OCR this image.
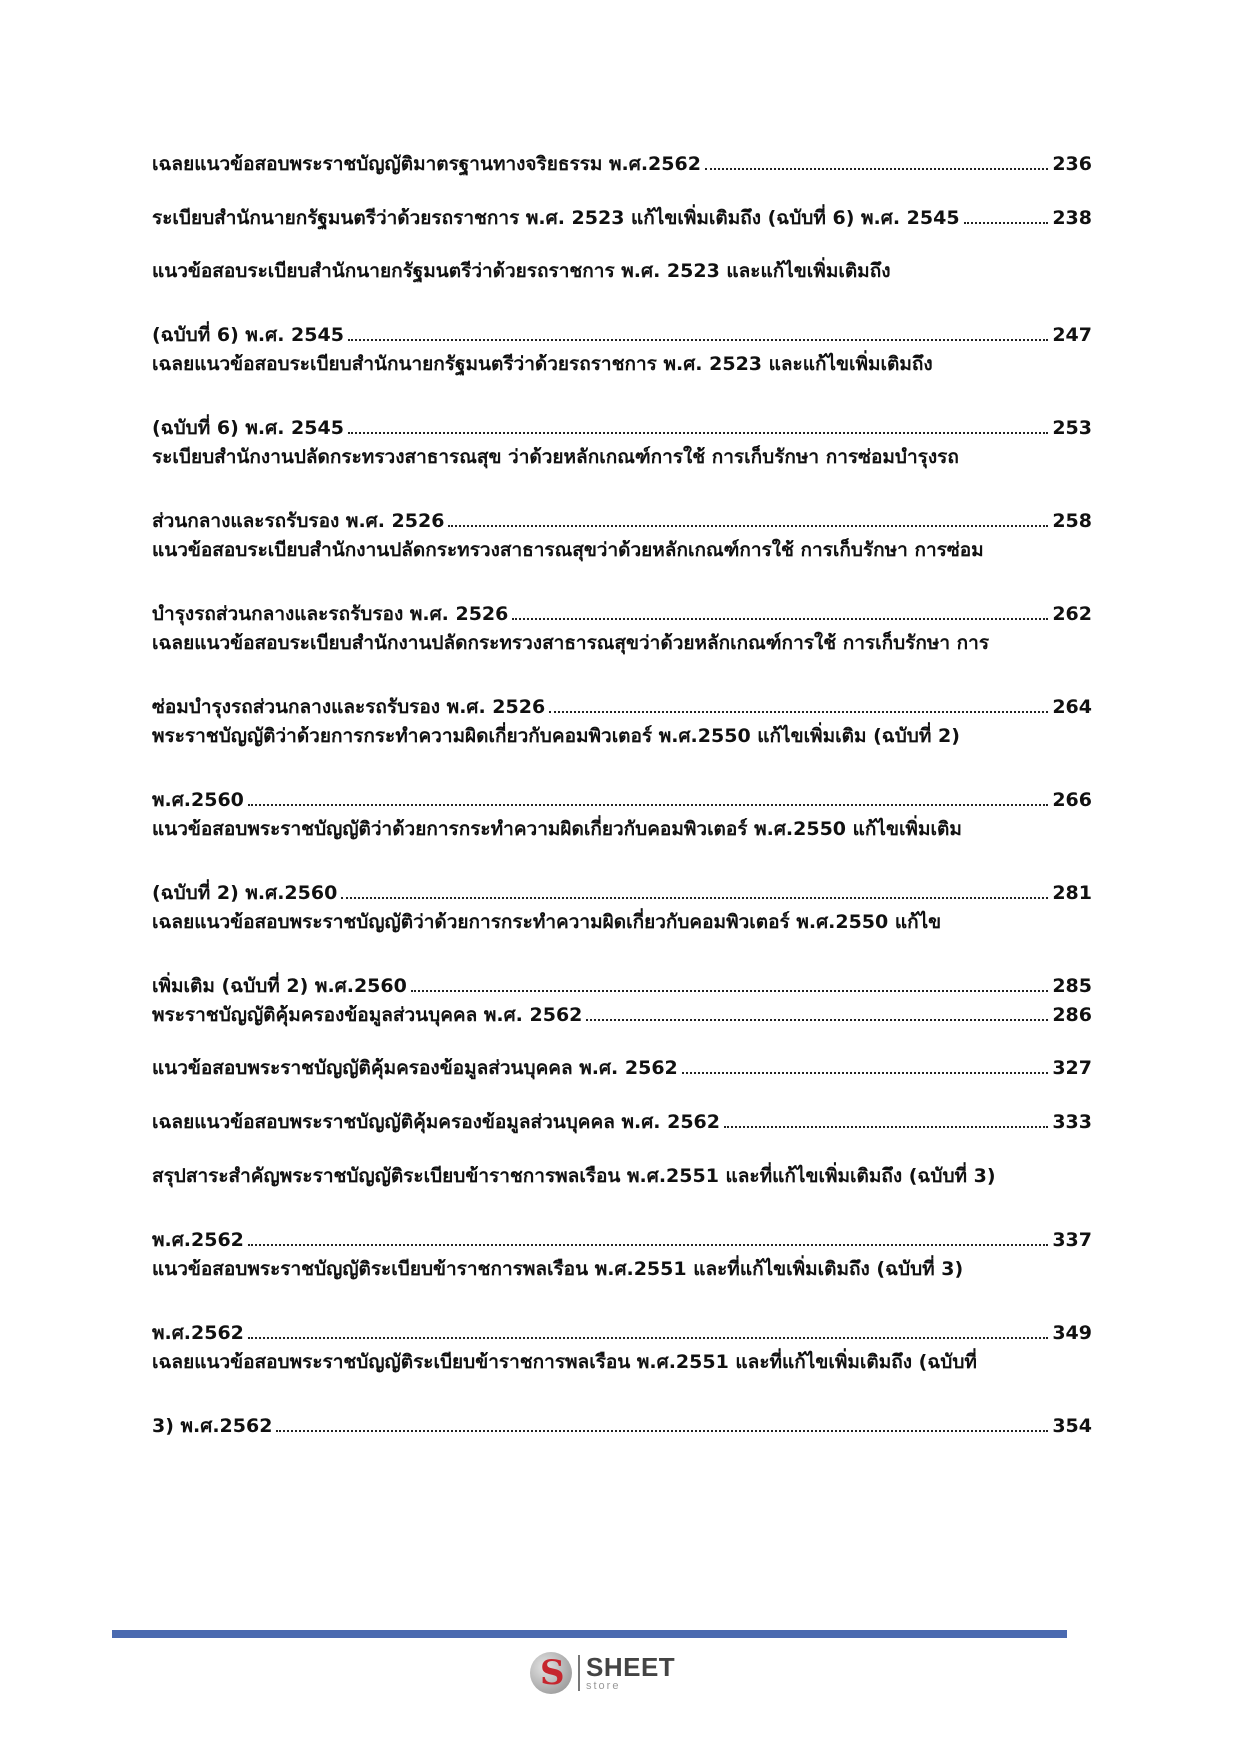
เฉลยแนวข้อสอบพระราชบัญญัติมาตรฐานทางจริยธรรม พ.ศ.2562	236
ระเบียบสำนักนายกรัฐมนตรีว่าด้วยรถราชการ พ.ศ. 2523 แก้ไขเพิ่มเติมถึง (ฉบับที่ 6) พ.ศ. 2545	238
แนวข้อสอบระเบียบสำนักนายกรัฐมนตรีว่าด้วยรถราชการ พ.ศ. 2523 และแก้ไขเพิ่มเติมถึง
(ฉบับที่ 6) พ.ศ. 2545	247
เฉลยแนวข้อสอบระเบียบสำนักนายกรัฐมนตรีว่าด้วยรถราชการ พ.ศ. 2523 และแก้ไขเพิ่มเติมถึง
(ฉบับที่ 6) พ.ศ. 2545	253
ระเบียบสำนักงานปลัดกระทรวงสาธารณสุข ว่าด้วยหลักเกณฑ์การใช้ การเก็บรักษา การซ่อมบำรุงรถ
ส่วนกลางและรถรับรอง พ.ศ. 2526	258
แนวข้อสอบระเบียบสำนักงานปลัดกระทรวงสาธารณสุขว่าด้วยหลักเกณฑ์การใช้ การเก็บรักษา การซ่อม
บำรุงรถส่วนกลางและรถรับรอง พ.ศ. 2526	262
เฉลยแนวข้อสอบระเบียบสำนักงานปลัดกระทรวงสาธารณสุขว่าด้วยหลักเกณฑ์การใช้ การเก็บรักษา การ
ซ่อมบำรุงรถส่วนกลางและรถรับรอง พ.ศ. 2526	264
พระราชบัญญัติว่าด้วยการกระทำความผิดเกี่ยวกับคอมพิวเตอร์ พ.ศ.2550 แก้ไขเพิ่มเติม (ฉบับที่ 2)
พ.ศ.2560	266
แนวข้อสอบพระราชบัญญัติว่าด้วยการกระทำความผิดเกี่ยวกับคอมพิวเตอร์ พ.ศ.2550 แก้ไขเพิ่มเติม
(ฉบับที่ 2) พ.ศ.2560	281
เฉลยแนวข้อสอบพระราชบัญญัติว่าด้วยการกระทำความผิดเกี่ยวกับคอมพิวเตอร์ พ.ศ.2550 แก้ไข
เพิ่มเติม (ฉบับที่ 2) พ.ศ.2560	285
พระราชบัญญัติคุ้มครองข้อมูลส่วนบุคคล พ.ศ. 2562	286
แนวข้อสอบพระราชบัญญัติคุ้มครองข้อมูลส่วนบุคคล พ.ศ. 2562	327
เฉลยแนวข้อสอบพระราชบัญญัติคุ้มครองข้อมูลส่วนบุคคล พ.ศ. 2562	333
สรุปสาระสำคัญพระราชบัญญัติระเบียบข้าราชการพลเรือน พ.ศ.2551 และที่แก้ไขเพิ่มเติมถึง (ฉบับที่ 3)
พ.ศ.2562	337
แนวข้อสอบพระราชบัญญัติระเบียบข้าราชการพลเรือน พ.ศ.2551 และที่แก้ไขเพิ่มเติมถึง (ฉบับที่ 3)
พ.ศ.2562	349
เฉลยแนวข้อสอบพระราชบัญญัติระเบียบข้าราชการพลเรือน พ.ศ.2551 และที่แก้ไขเพิ่มเติมถึง (ฉบับที่
3) พ.ศ.2562	354
S SHEET
store
